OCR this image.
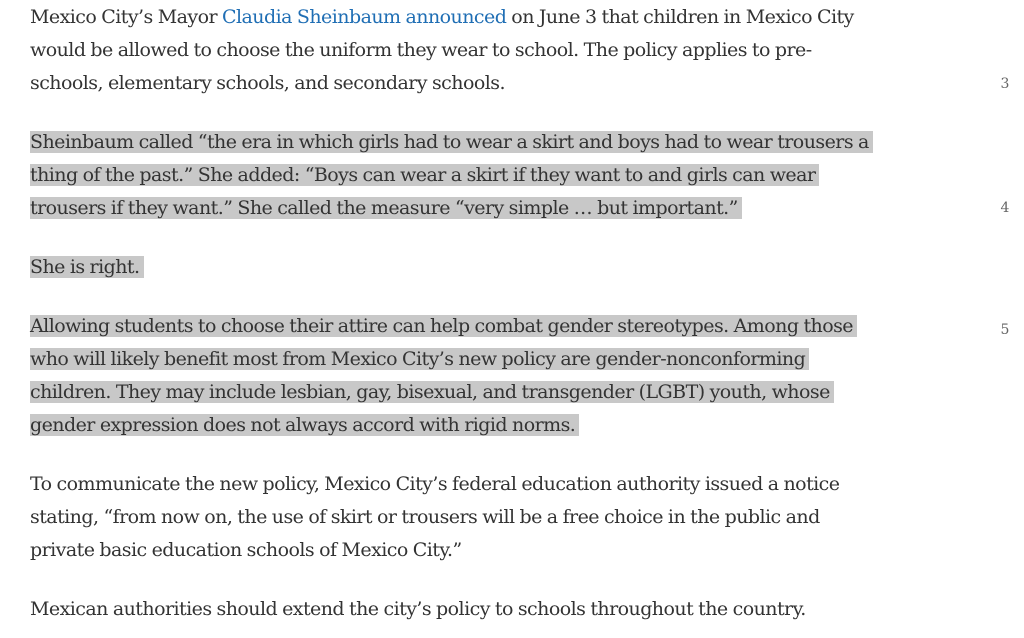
Mexico City’s Mayor Claudia Sheinbaum announced on June 3 that children in Mexico City
would be allowed to choose the uniform they wear to school. The policy applies to pre-
schools, elementary schools, and secondary schools.

Sheinbaum called “the era in which girls had to wear a skirt and boys had to wear trousers a
thing of the past.” She added: “Boys can wear a skirt if they want to and girls can wear
trousers if they want.” She called the measure “very simple … but important.”

She is right.

Allowing students to choose their attire can help combat gender stereotypes. Among those
who will likely benefit most from Mexico City’s new policy are gender-nonconforming
children. They may include lesbian, gay, bisexual, and transgender (LGBT) youth, whose
gender expression does not always accord with rigid norms.

To communicate the new policy, Mexico City’s federal education authority issued a notice
stating, “from now on, the use of skirt or trousers will be a free choice in the public and
private basic education schools of Mexico City.”

Mexican authorities should extend the city’s policy to schools throughout the country.

3
4
5
